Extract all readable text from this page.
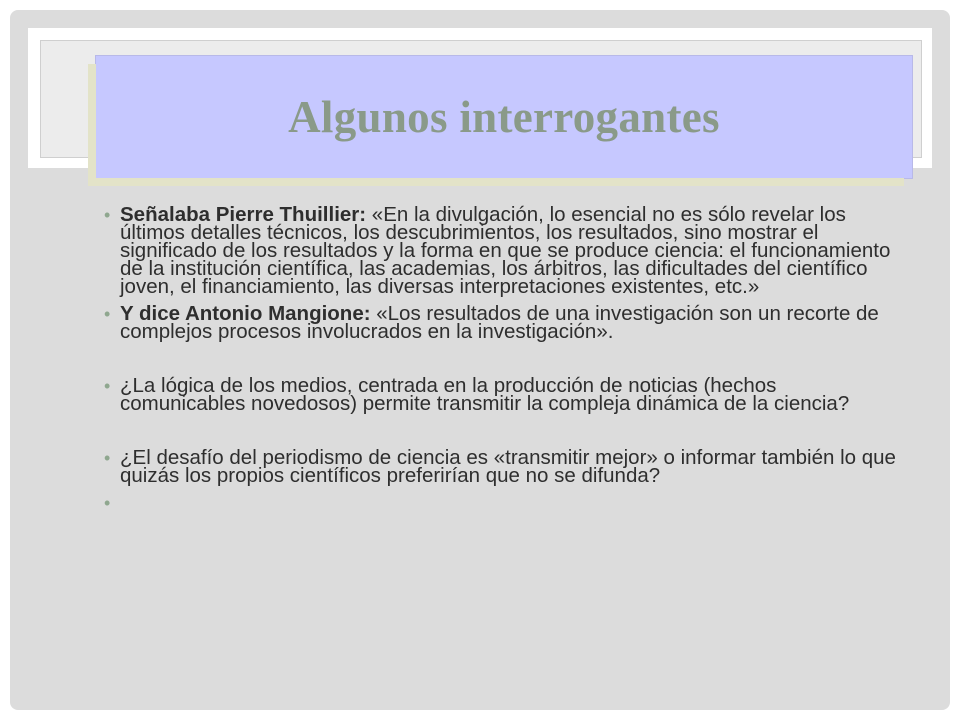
Algunos interrogantes
• Señalaba Pierre Thuillier: «En la divulgación, lo esencial no es sólo revelar los últimos detalles técnicos, los descubrimientos, los resultados, sino mostrar el significado de los resultados y la forma en que se produce ciencia: el funcionamiento de la institución científica, las academias, los árbitros, las dificultades del científico joven, el financiamiento, las diversas interpretaciones existentes, etc.»
• Y dice Antonio Mangione: «Los resultados de una investigación son un recorte de complejos procesos involucrados en la investigación».
• ¿La lógica de los medios, centrada en la producción de noticias (hechos comunicables novedosos) permite transmitir la compleja dinámica de la ciencia?
• ¿El desafío del periodismo de ciencia es «transmitir mejor» o informar también lo que quizás los propios científicos preferirían que no se difunda?
•
